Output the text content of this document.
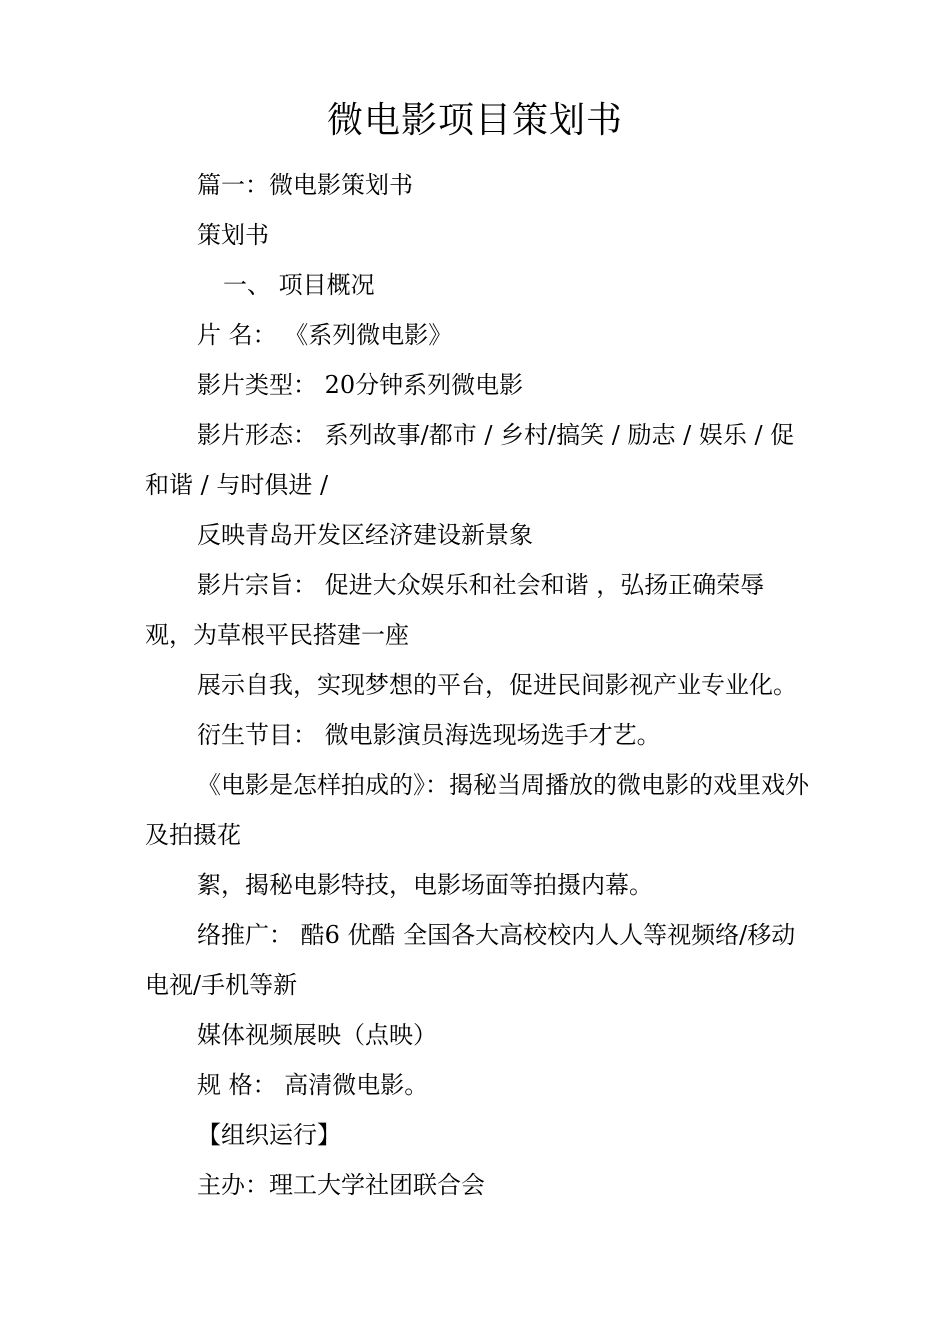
微电影项目策划书

篇一：微电影策划书

策划书

一、 项目概况

片 名： 《系列微电影》

影片类型： 20分钟系列微电影

影片形态： 系列故事/都市 / 乡村/搞笑 / 励志 / 娱乐 / 促和谐 / 与时俱进 /

反映青岛开发区经济建设新景象

影片宗旨： 促进大众娱乐和社会和谐 ，弘扬正确荣辱观，为草根平民搭建一座

展示自我，实现梦想的平台，促进民间影视产业专业化。

衍生节目： 微电影演员海选现场选手才艺。

《电影是怎样拍成的》：揭秘当周播放的微电影的戏里戏外及拍摄花

絮，揭秘电影特技，电影场面等拍摄内幕。

络推广： 酷6 优酷 全国各大高校校内人人等视频络/移动电视/手机等新

媒体视频展映（点映）

规 格： 高清微电影。

【组织运行】

主办：理工大学社团联合会
